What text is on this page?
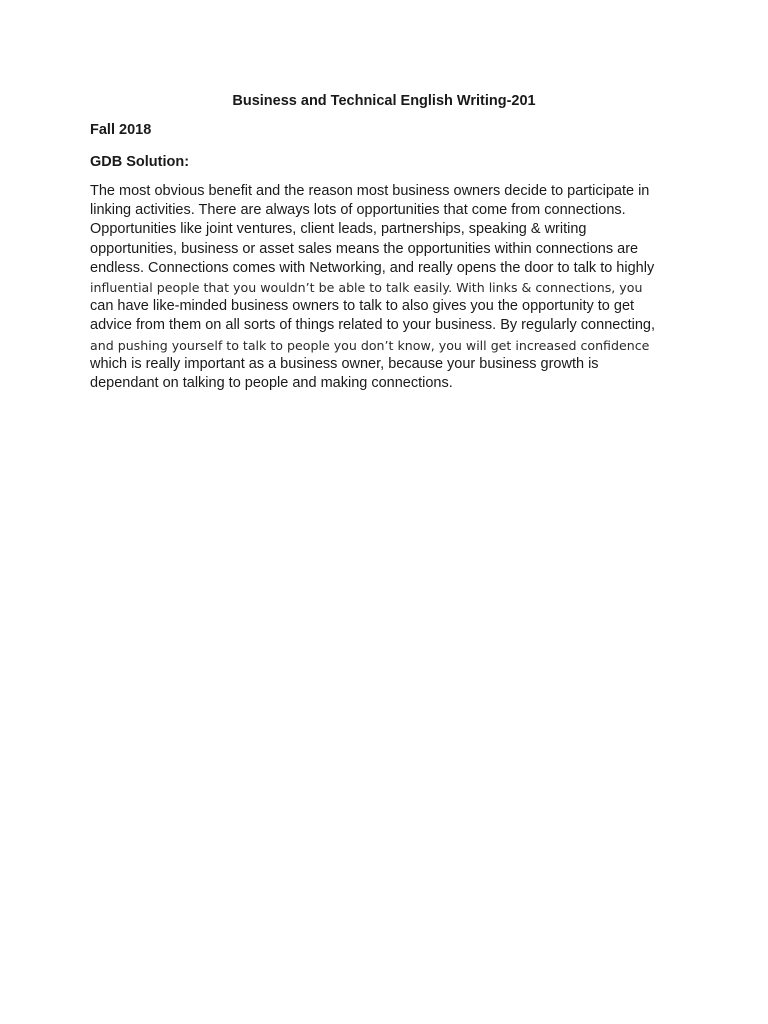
Business and Technical English Writing-201
Fall 2018
GDB Solution:
The most obvious benefit and the reason most business owners decide to participate in
linking activities. There are always lots of opportunities that come from connections.
Opportunities like joint ventures, client leads, partnerships, speaking & writing
opportunities, business or asset sales means the opportunities within connections are
endless. Connections comes with Networking, and really opens the door to talk to highly
influential people that you wouldn’t be able to talk easily. With links & connections, you
can have like-minded business owners to talk to also gives you the opportunity to get
advice from them on all sorts of things related to your business. By regularly connecting,
and pushing yourself to talk to people you don’t know, you will get increased confidence
which is really important as a business owner, because your business growth is
dependant on talking to people and making connections.
